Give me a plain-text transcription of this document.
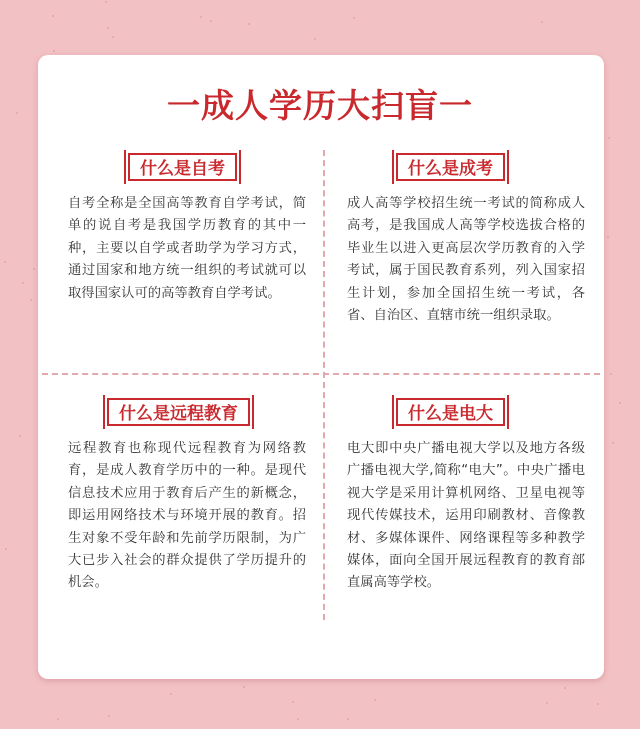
一成人学历大扫盲一
什么是自考
自考全称是全国高等教育自学考试，简单的说自考是我国学历教育的其中一种，主要以自学或者助学为学习方式，通过国家和地方统一组织的考试就可以取得国家认可的高等教育自学考试。
什么是成考
成人高等学校招生统一考试的简称成人高考，是我国成人高等学校选拔合格的毕业生以进入更高层次学历教育的入学考试，属于国民教育系列，列入国家招生计划，参加全国招生统一考试，各省、自治区、直辖市统一组织录取。
什么是远程教育
远程教育也称现代远程教育为网络教育，是成人教育学历中的一种。是现代信息技术应用于教育后产生的新概念，即运用网络技术与环境开展的教育。招生对象不受年龄和先前学历限制，为广大已步入社会的群众提供了学历提升的机会。
什么是电大
电大即中央广播电视大学以及地方各级广播电视大学,简称“电大”。中央广播电视大学是采用计算机网络、卫星电视等现代传媒技术，运用印刷教材、音像教材、多媒体课件、网络课程等多种教学媒体，面向全国开展远程教育的教育部直属高等学校。
